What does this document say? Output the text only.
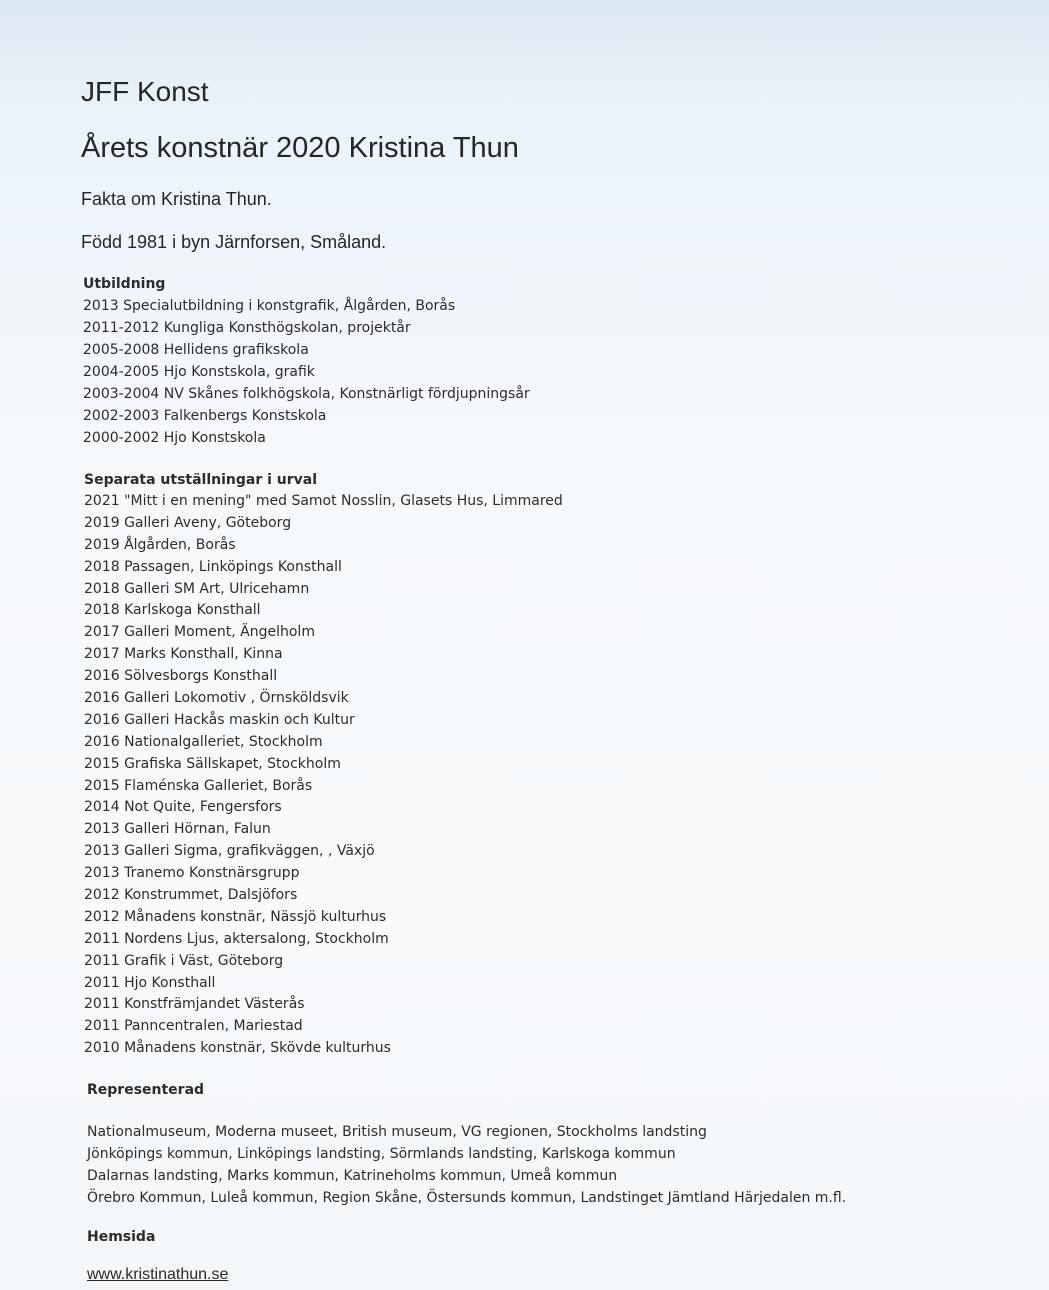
JFF Konst
Årets konstnär 2020 Kristina Thun
Fakta om Kristina Thun.
Född 1981 i byn Järnforsen, Småland.
Utbildning
2013 Specialutbildning i konstgrafik, Ålgården, Borås
2011-2012 Kungliga Konsthögskolan, projektår
2005-2008 Hellidens grafikskola
2004-2005 Hjo Konstskola, grafik
2003-2004 NV Skånes folkhögskola, Konstnärligt fördjupningsår
2002-2003 Falkenbergs Konstskola
2000-2002 Hjo Konstskola
Separata utställningar i urval
2021 "Mitt i en mening" med Samot Nosslin, Glasets Hus, Limmared
2019 Galleri Aveny, Göteborg
2019 Ålgården, Borås
2018 Passagen, Linköpings Konsthall
2018 Galleri SM Art, Ulricehamn
2018 Karlskoga Konsthall
2017 Galleri Moment, Ängelholm
2017 Marks Konsthall, Kinna
2016 Sölvesborgs Konsthall
2016 Galleri Lokomotiv , Örnsköldsvik
2016 Galleri Hackås maskin och Kultur
2016 Nationalgalleriet, Stockholm
2015 Grafiska Sällskapet, Stockholm
2015 Flaménska Galleriet, Borås
2014 Not Quite, Fengersfors
2013 Galleri Hörnan, Falun
2013 Galleri Sigma, grafikväggen, , Växjö
2013 Tranemo Konstnärsgrupp
2012 Konstrummet, Dalsjöfors
2012 Månadens konstnär, Nässjö kulturhus
2011 Nordens Ljus, aktersalong, Stockholm
2011 Grafik i Väst, Göteborg
2011 Hjo Konsthall
2011 Konstfrämjandet Västerås
2011 Panncentralen, Mariestad
2010 Månadens konstnär, Skövde kulturhus
Representerad
Nationalmuseum, Moderna museet, British museum, VG regionen, Stockholms landsting
Jönköpings kommun, Linköpings landsting, Sörmlands landsting, Karlskoga kommun
Dalarnas landsting, Marks kommun, Katrineholms kommun, Umeå kommun
Örebro Kommun, Luleå kommun, Region Skåne, Östersunds kommun, Landstinget Jämtland Härjedalen m.fl.
Hemsida
www.kristinathun.se
